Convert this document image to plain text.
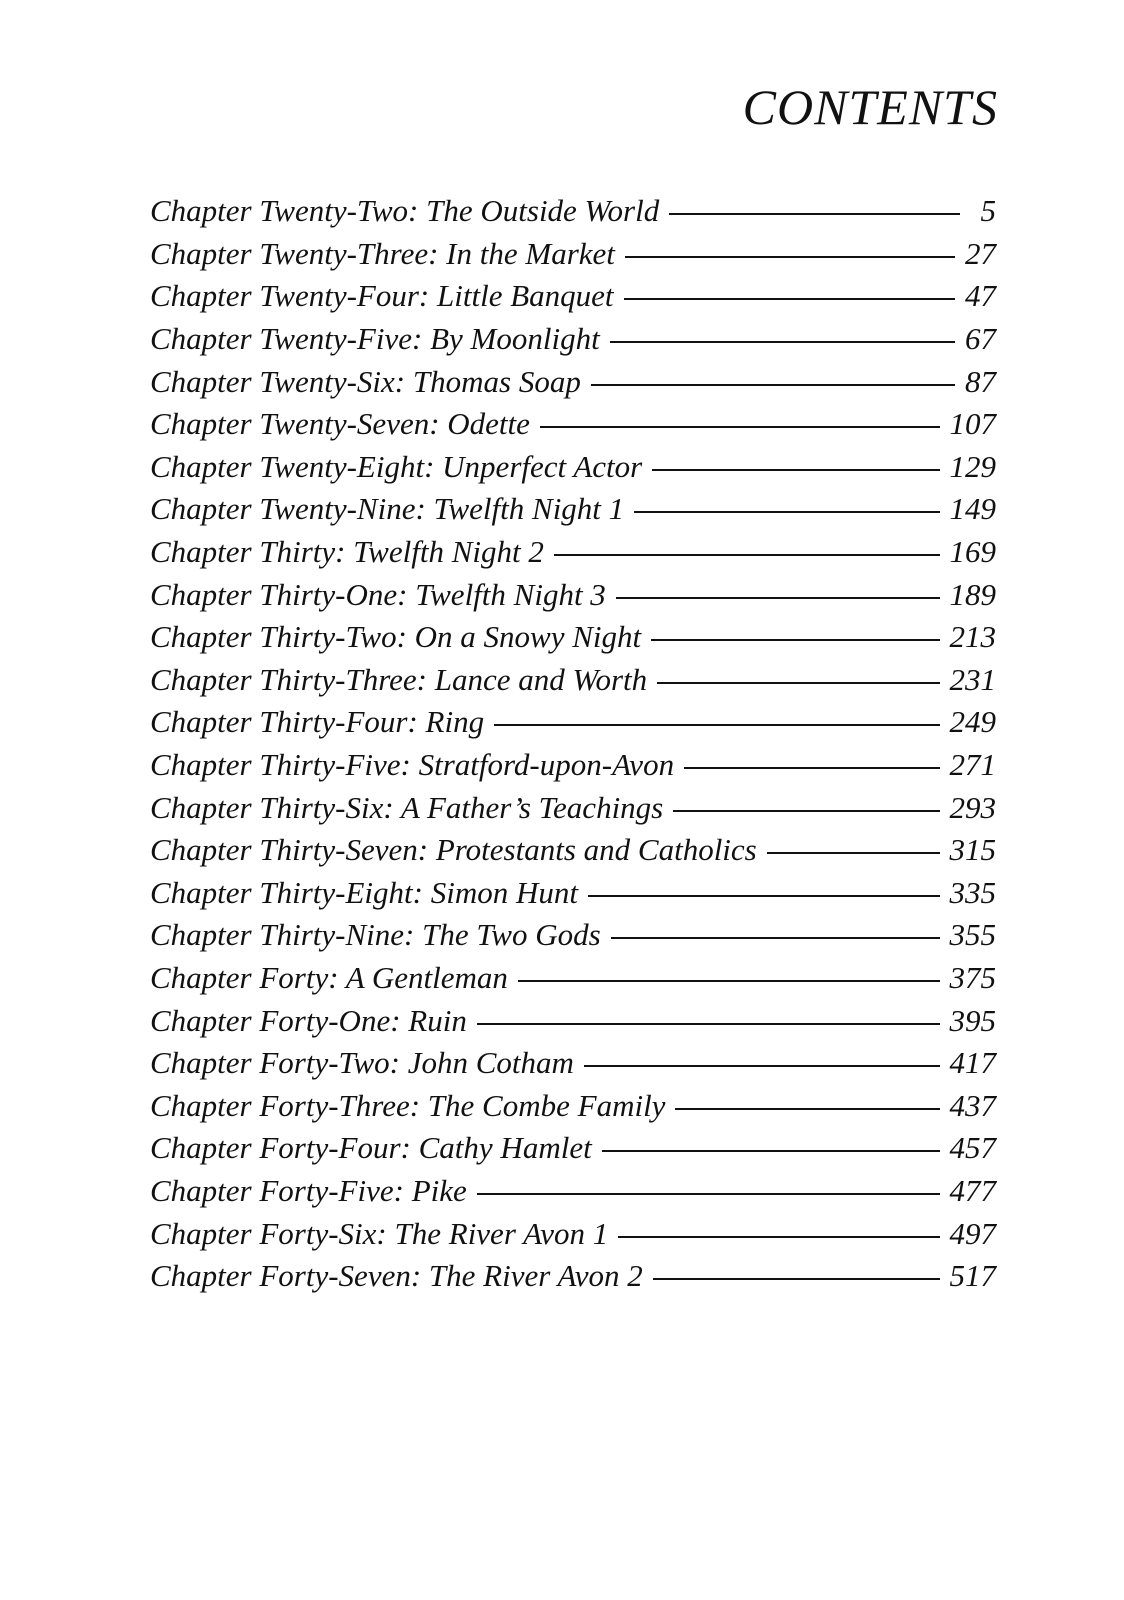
CONTENTS
Chapter Twenty-Two: The Outside World	5
Chapter Twenty-Three: In the Market	27
Chapter Twenty-Four: Little Banquet	47
Chapter Twenty-Five: By Moonlight	67
Chapter Twenty-Six: Thomas Soap	87
Chapter Twenty-Seven: Odette	107
Chapter Twenty-Eight: Unperfect Actor	129
Chapter Twenty-Nine: Twelfth Night 1	149
Chapter Thirty: Twelfth Night 2	169
Chapter Thirty-One: Twelfth Night 3	189
Chapter Thirty-Two: On a Snowy Night	213
Chapter Thirty-Three: Lance and Worth	231
Chapter Thirty-Four: Ring	249
Chapter Thirty-Five: Stratford-upon-Avon	271
Chapter Thirty-Six: A Father’s Teachings	293
Chapter Thirty-Seven: Protestants and Catholics	315
Chapter Thirty-Eight: Simon Hunt	335
Chapter Thirty-Nine: The Two Gods	355
Chapter Forty: A Gentleman	375
Chapter Forty-One: Ruin	395
Chapter Forty-Two: John Cotham	417
Chapter Forty-Three: The Combe Family	437
Chapter Forty-Four: Cathy Hamlet	457
Chapter Forty-Five: Pike	477
Chapter Forty-Six: The River Avon 1	497
Chapter Forty-Seven: The River Avon 2	517
